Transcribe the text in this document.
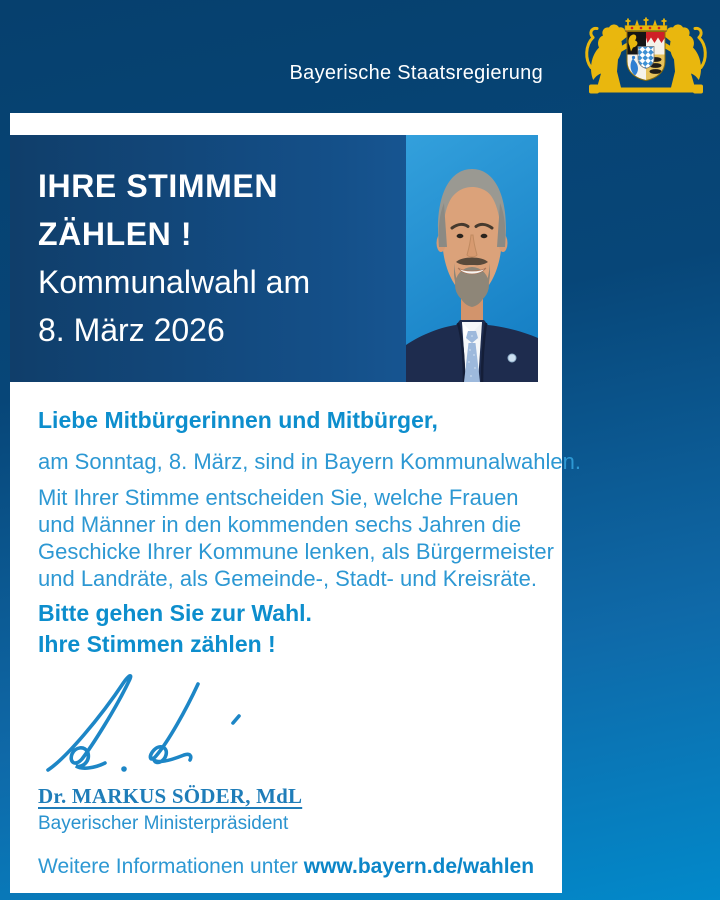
Bayerische Staatsregierung
IHRE STIMMEN
ZÄHLEN !
Kommunalwahl am
8. März 2026
Liebe Mitbürgerinnen und Mitbürger,
am Sonntag, 8. März, sind in Bayern Kommunalwahlen.
Mit Ihrer Stimme entscheiden Sie, welche Frauen
und Männer in den kommenden sechs Jahren die
Geschicke Ihrer Kommune lenken, als Bürgermeister
und Landräte, als Gemeinde-, Stadt- und Kreisräte.
Bitte gehen Sie zur Wahl.
Ihre Stimmen zählen !
Dr. MARKUS SÖDER, MdL
Bayerischer Ministerpräsident
Weitere Informationen unter www.bayern.de/wahlen
